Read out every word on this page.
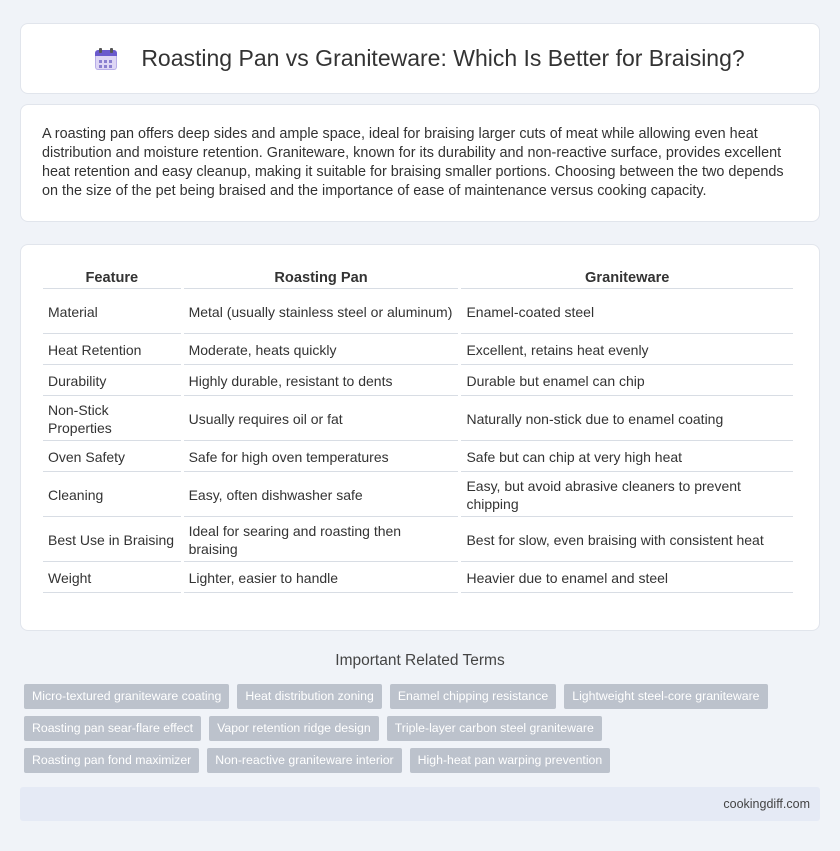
Roasting Pan vs Graniteware: Which Is Better for Braising?

A roasting pan offers deep sides and ample space, ideal for braising larger cuts of meat while allowing even heat distribution and moisture retention. Graniteware, known for its durability and non-reactive surface, provides excellent heat retention and easy cleanup, making it suitable for braising smaller portions. Choosing between the two depends on the size of the pet being braised and the importance of ease of maintenance versus cooking capacity.

Feature	Roasting Pan	Graniteware
Material	Metal (usually stainless steel or aluminum)	Enamel-coated steel
Heat Retention	Moderate, heats quickly	Excellent, retains heat evenly
Durability	Highly durable, resistant to dents	Durable but enamel can chip
Non-Stick Properties	Usually requires oil or fat	Naturally non-stick due to enamel coating
Oven Safety	Safe for high oven temperatures	Safe but can chip at very high heat
Cleaning	Easy, often dishwasher safe	Easy, but avoid abrasive cleaners to prevent chipping
Best Use in Braising	Ideal for searing and roasting then braising	Best for slow, even braising with consistent heat
Weight	Lighter, easier to handle	Heavier due to enamel and steel
Important Related Terms
Micro-textured graniteware coating	Heat distribution zoning	Enamel chipping resistance	Lightweight steel-core graniteware
Roasting pan sear-flare effect	Vapor retention ridge design	Triple-layer carbon steel graniteware
Roasting pan fond maximizer	Non-reactive graniteware interior	High-heat pan warping prevention
cookingdiff.com
